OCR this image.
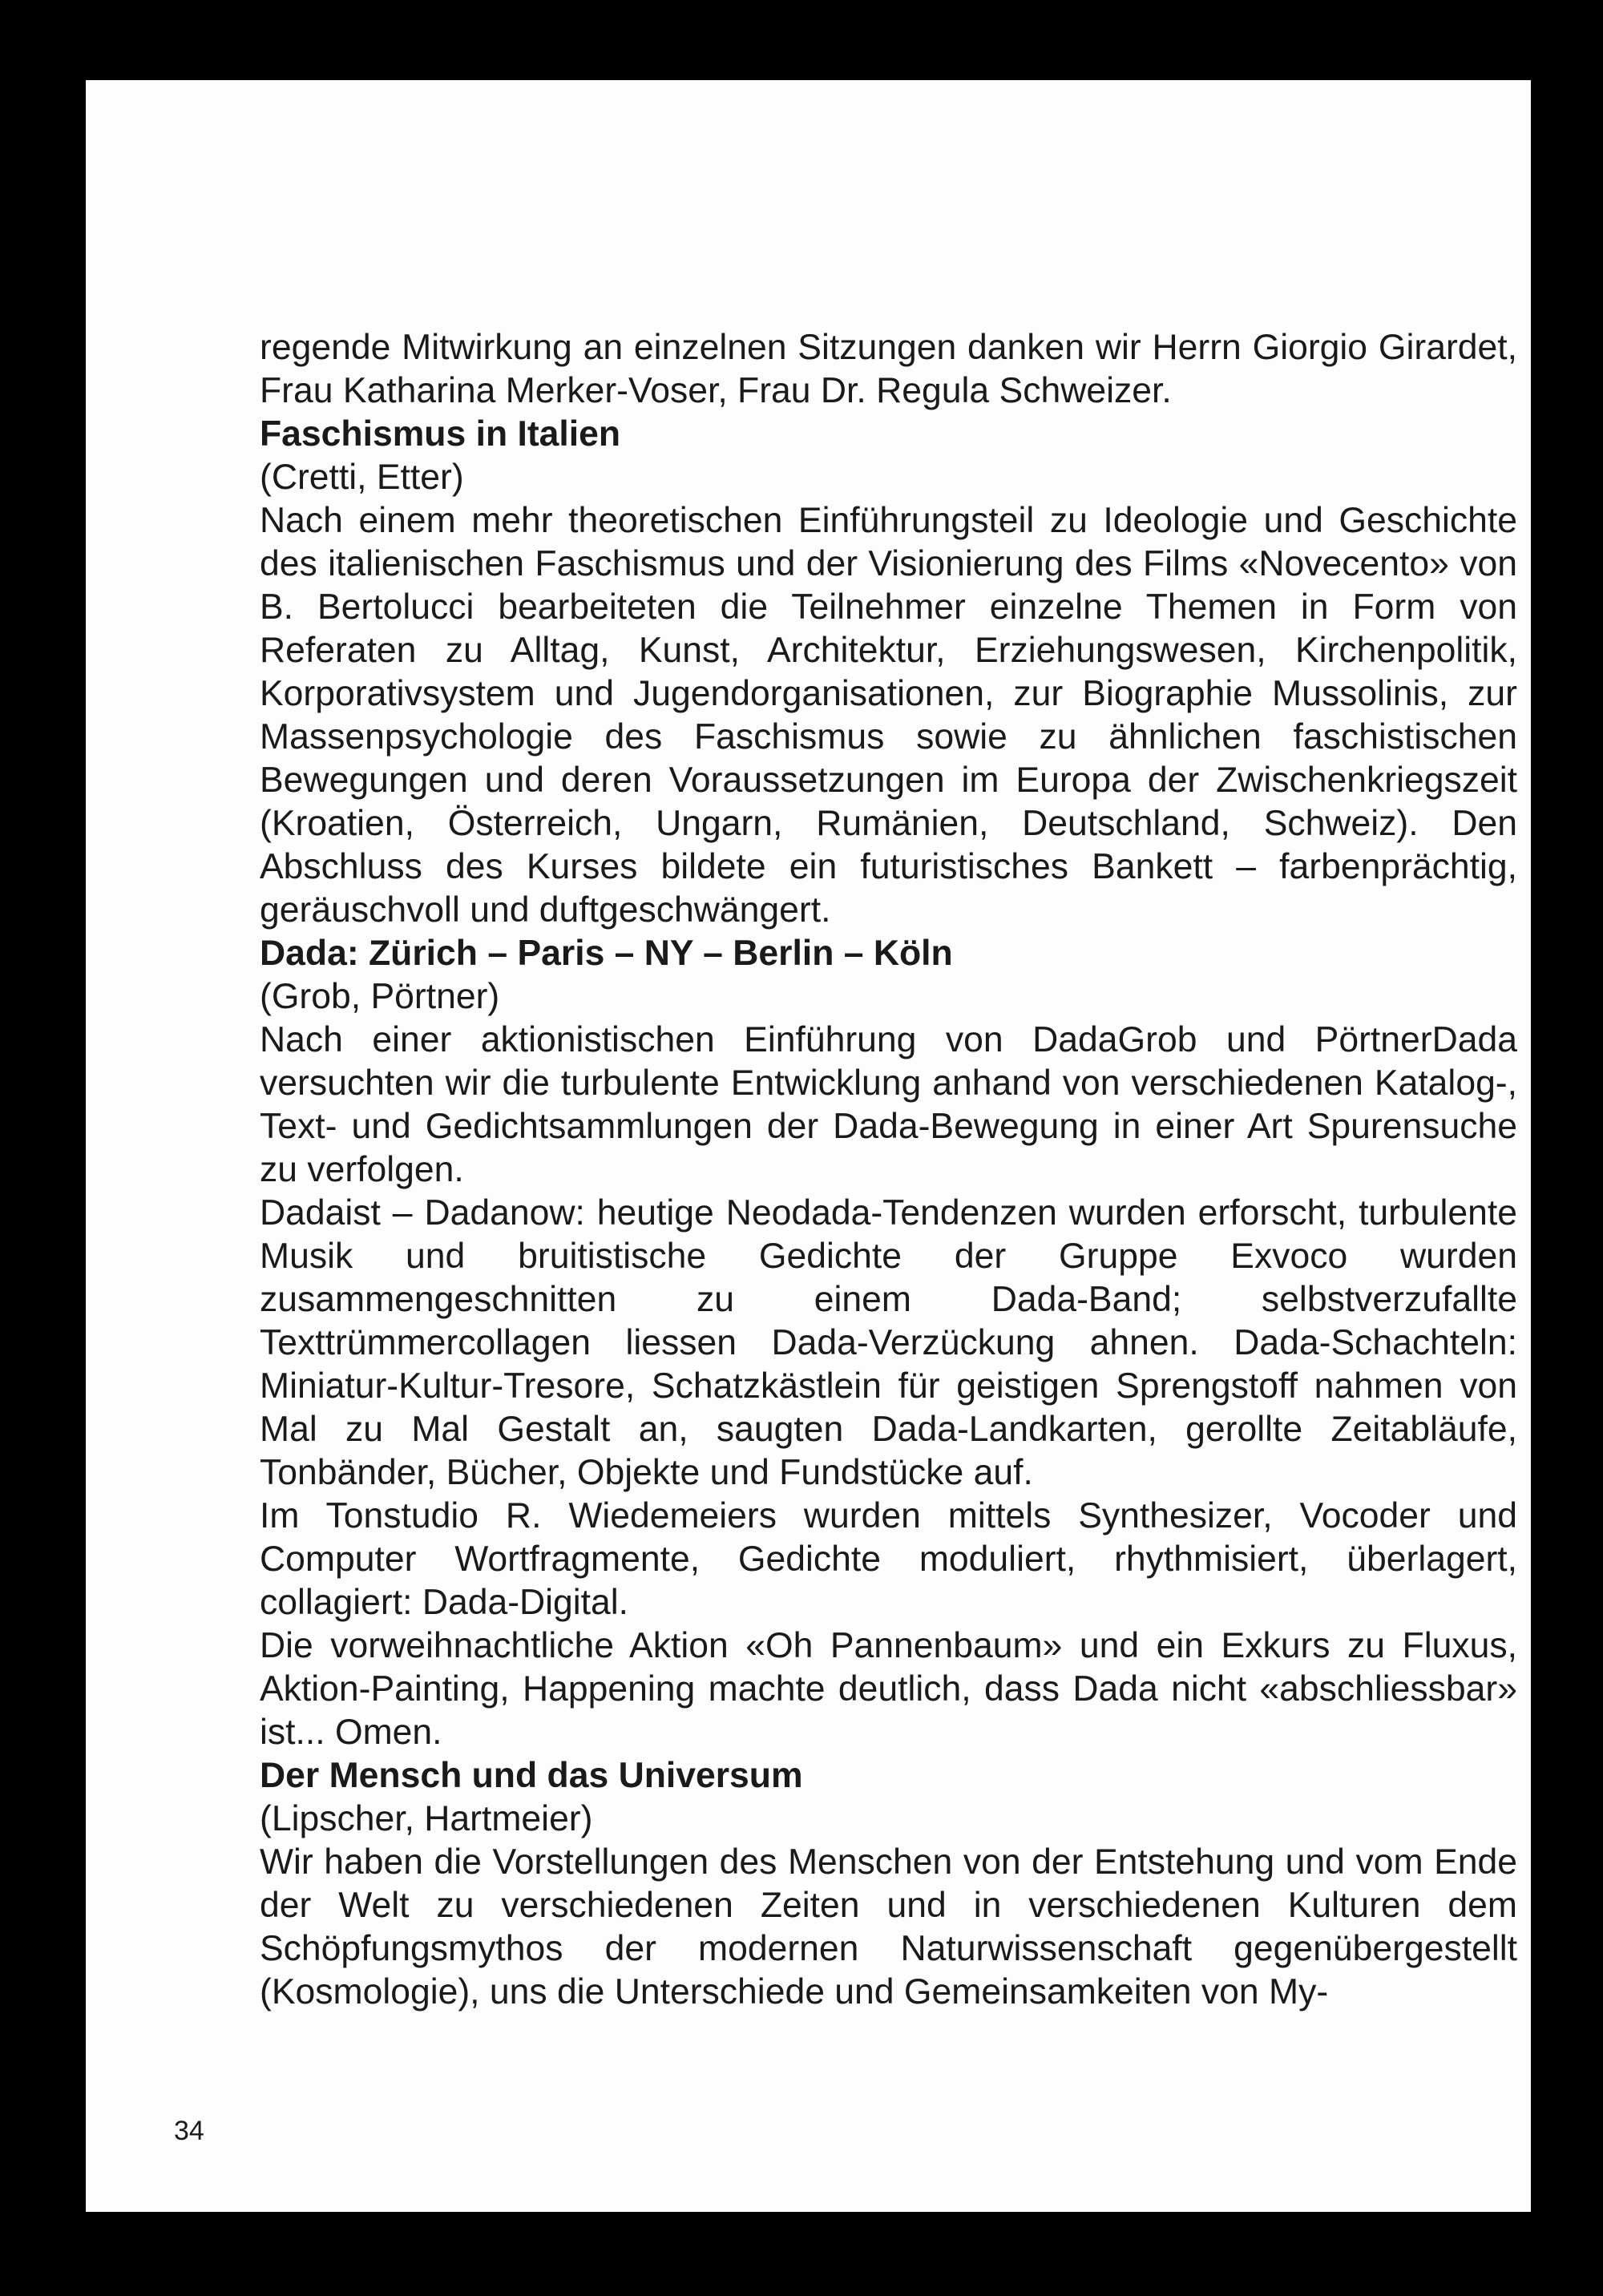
regende Mitwirkung an einzelnen Sitzungen danken wir Herrn Giorgio Girardet, Frau Katharina Merker-Voser, Frau Dr. Regula Schweizer.

Faschismus in Italien

(Cretti, Etter)

Nach einem mehr theoretischen Einführungsteil zu Ideologie und Geschichte des italienischen Faschismus und der Visionierung des Films «Novecento» von B. Bertolucci bearbeiteten die Teilnehmer einzelne Themen in Form von Referaten zu Alltag, Kunst, Architektur, Erziehungswesen, Kirchenpolitik, Korporativsystem und Jugendorganisationen, zur Biographie Mussolinis, zur Massenpsychologie des Faschismus sowie zu ähnlichen faschistischen Bewegungen und deren Voraussetzungen im Europa der Zwischenkriegszeit (Kroatien, Österreich, Ungarn, Rumänien, Deutschland, Schweiz). Den Abschluss des Kurses bildete ein futuristisches Bankett – farbenprächtig, geräuschvoll und duftgeschwängert.

Dada: Zürich – Paris – NY – Berlin – Köln

(Grob, Pörtner)

Nach einer aktionistischen Einführung von DadaGrob und PörtnerDada versuchten wir die turbulente Entwicklung anhand von verschiedenen Katalog-, Text- und Gedichtsammlungen der Dada-Bewegung in einer Art Spurensuche zu verfolgen.

Dadaist – Dadanow: heutige Neodada-Tendenzen wurden erforscht, turbulente Musik und bruitistische Gedichte der Gruppe Exvoco wurden zusammengeschnitten zu einem Dada-Band; selbstverzufallte Texttrümmercollagen liessen Dada-Verzückung ahnen. Dada-Schachteln: Miniatur-Kultur-Tresore, Schatzkästlein für geistigen Sprengstoff nahmen von Mal zu Mal Gestalt an, saugten Dada-Landkarten, gerollte Zeitabläufe, Tonbänder, Bücher, Objekte und Fundstücke auf.

Im Tonstudio R. Wiedemeiers wurden mittels Synthesizer, Vocoder und Computer Wortfragmente, Gedichte moduliert, rhythmisiert, überlagert, collagiert: Dada-Digital.

Die vorweihnachtliche Aktion «Oh Pannenbaum» und ein Exkurs zu Fluxus, Aktion-Painting, Happening machte deutlich, dass Dada nicht «abschliessbar» ist... Omen.

Der Mensch und das Universum

(Lipscher, Hartmeier)

Wir haben die Vorstellungen des Menschen von der Entstehung und vom Ende der Welt zu verschiedenen Zeiten und in verschiedenen Kulturen dem Schöpfungsmythos der modernen Naturwissenschaft gegenübergestellt (Kosmologie), uns die Unterschiede und Gemeinsamkeiten von My-

34
